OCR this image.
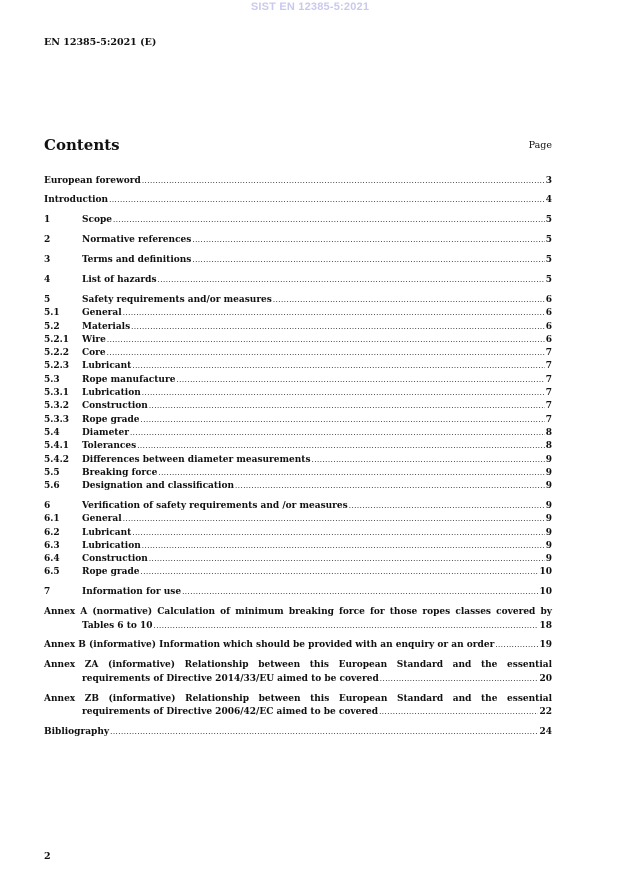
SIST EN 12385-5:2021
EN 12385-5:2021 (E)
Contents	Page
European foreword .....	3
Introduction .....	4
1	Scope .....	5
2	Normative references .....	5
3	Terms and definitions .....	5
4	List of hazards .....	5
5	Safety requirements and/or measures .....	6
5.1	General .....	6
5.2	Materials .....	6
5.2.1	Wire .....	6
5.2.2	Core .....	7
5.2.3	Lubricant .....	7
5.3	Rope manufacture .....	7
5.3.1	Lubrication .....	7
5.3.2	Construction .....	7
5.3.3	Rope grade .....	7
5.4	Diameter .....	8
5.4.1	Tolerances .....	8
5.4.2	Differences between diameter measurements .....	9
5.5	Breaking force .....	9
5.6	Designation and classification .....	9
6	Verification of safety requirements and /or measures .....	9
6.1	General .....	9
6.2	Lubricant .....	9
6.3	Lubrication .....	9
6.4	Construction .....	9
6.5	Rope grade .....	10
7	Information for use .....	10
Annex A (normative) Calculation of minimum breaking force for those ropes classes covered by
Tables 6 to 10 .....	18
Annex B (informative) Information which should be provided with an enquiry or an order .....	19
Annex ZA (informative) Relationship between this European Standard and the essential
requirements of Directive 2014/33/EU aimed to be covered .....	20
Annex ZB (informative) Relationship between this European Standard and the essential
requirements of Directive 2006/42/EC aimed to be covered .....	22
Bibliography .....	24
2
